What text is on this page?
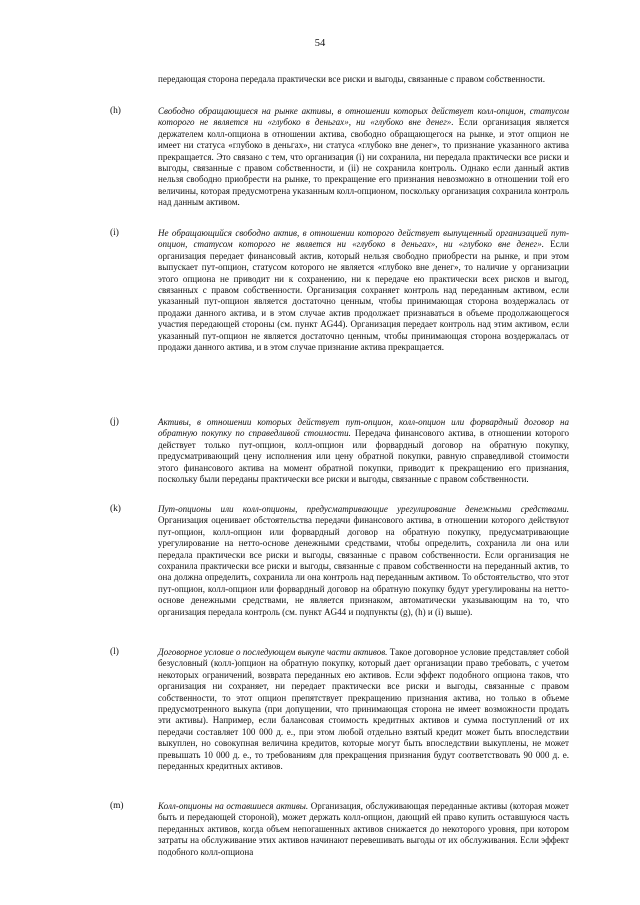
54
передающая сторона передала практически все риски и выгоды, связанные с правом собственности.
(h)	Свободно обращающиеся на рынке активы, в отношении которых действует колл-опцион, статусом которого не является ни «глубоко в деньгах», ни «глубоко вне денег». Если организация является держателем колл-опциона в отношении актива, свободно обращающегося на рынке, и этот опцион не имеет ни статуса «глубоко в деньгах», ни статуса «глубоко вне денег», то признание указанного актива прекращается. Это связано с тем, что организация (i) ни сохранила, ни передала практически все риски и выгоды, связанные с правом собственности, и (ii) не сохранила контроль. Однако если данный актив нельзя свободно приобрести на рынке, то прекращение его признания невозможно в отношении той его величины, которая предусмотрена указанным колл-опционом, поскольку организация сохранила контроль над данным активом.
(i)	Не обращающийся свободно актив, в отношении которого действует выпущенный организацией пут-опцион, статусом которого не является ни «глубоко в деньгах», ни «глубоко вне денег». Если организация передает финансовый актив, который нельзя свободно приобрести на рынке, и при этом выпускает пут-опцион, статусом которого не является «глубоко вне денег», то наличие у организации этого опциона не приводит ни к сохранению, ни к передаче ею практически всех рисков и выгод, связанных с правом собственности. Организация сохраняет контроль над переданным активом, если указанный пут-опцион является достаточно ценным, чтобы принимающая сторона воздержалась от продажи данного актива, и в этом случае актив продолжает признаваться в объеме продолжающегося участия передающей стороны (см. пункт AG44). Организация передает контроль над этим активом, если указанный пут-опцион не является достаточно ценным, чтобы принимающая сторона воздержалась от продажи данного актива, и в этом случае признание актива прекращается.
(j)	Активы, в отношении которых действует пут-опцион, колл-опцион или форвардный договор на обратную покупку по справедливой стоимости. Передача финансового актива, в отношении которого действует только пут-опцион, колл-опцион или форвардный договор на обратную покупку, предусматривающий цену исполнения или цену обратной покупки, равную справедливой стоимости этого финансового актива на момент обратной покупки, приводит к прекращению его признания, поскольку были переданы практически все риски и выгоды, связанные с правом собственности.
(k)	Пут-опционы или колл-опционы, предусматривающие урегулирование денежными средствами. Организация оценивает обстоятельства передачи финансового актива, в отношении которого действуют пут-опцион, колл-опцион или форвардный договор на обратную покупку, предусматривающие урегулирование на нетто-основе денежными средствами, чтобы определить, сохранила ли она или передала практически все риски и выгоды, связанные с правом собственности. Если организация не сохранила практически все риски и выгоды, связанные с правом собственности на переданный актив, то она должна определить, сохранила ли она контроль над переданным активом. То обстоятельство, что этот пут-опцион, колл-опцион или форвардный договор на обратную покупку будут урегулированы на нетто-основе денежными средствами, не является признаком, автоматически указывающим на то, что организация передала контроль (см. пункт AG44 и подпункты (g), (h) и (i) выше).
(l)	Договорное условие о последующем выкупе части активов. Такое договорное условие представляет собой безусловный (колл-)опцион на обратную покупку, который дает организации право требовать, с учетом некоторых ограничений, возврата переданных ею активов. Если эффект подобного опциона таков, что организация ни сохраняет, ни передает практически все риски и выгоды, связанные с правом собственности, то этот опцион препятствует прекращению признания актива, но только в объеме предусмотренного выкупа (при допущении, что принимающая сторона не имеет возможности продать эти активы). Например, если балансовая стоимость кредитных активов и сумма поступлений от их передачи составляет 100 000 д. е., при этом любой отдельно взятый кредит может быть впоследствии выкуплен, но совокупная величина кредитов, которые могут быть впоследствии выкуплены, не может превышать 10 000 д. е., то требованиям для прекращения признания будут соответствовать 90 000 д. е. переданных кредитных активов.
(m)	Колл-опционы на оставшиеся активы. Организация, обслуживающая переданные активы (которая может быть и передающей стороной), может держать колл-опцион, дающий ей право купить оставшуюся часть переданных активов, когда объем непогашенных активов снижается до некоторого уровня, при котором затраты на обслуживание этих активов начинают перевешивать выгоды от их обслуживания. Если эффект подобного колл-опциона
